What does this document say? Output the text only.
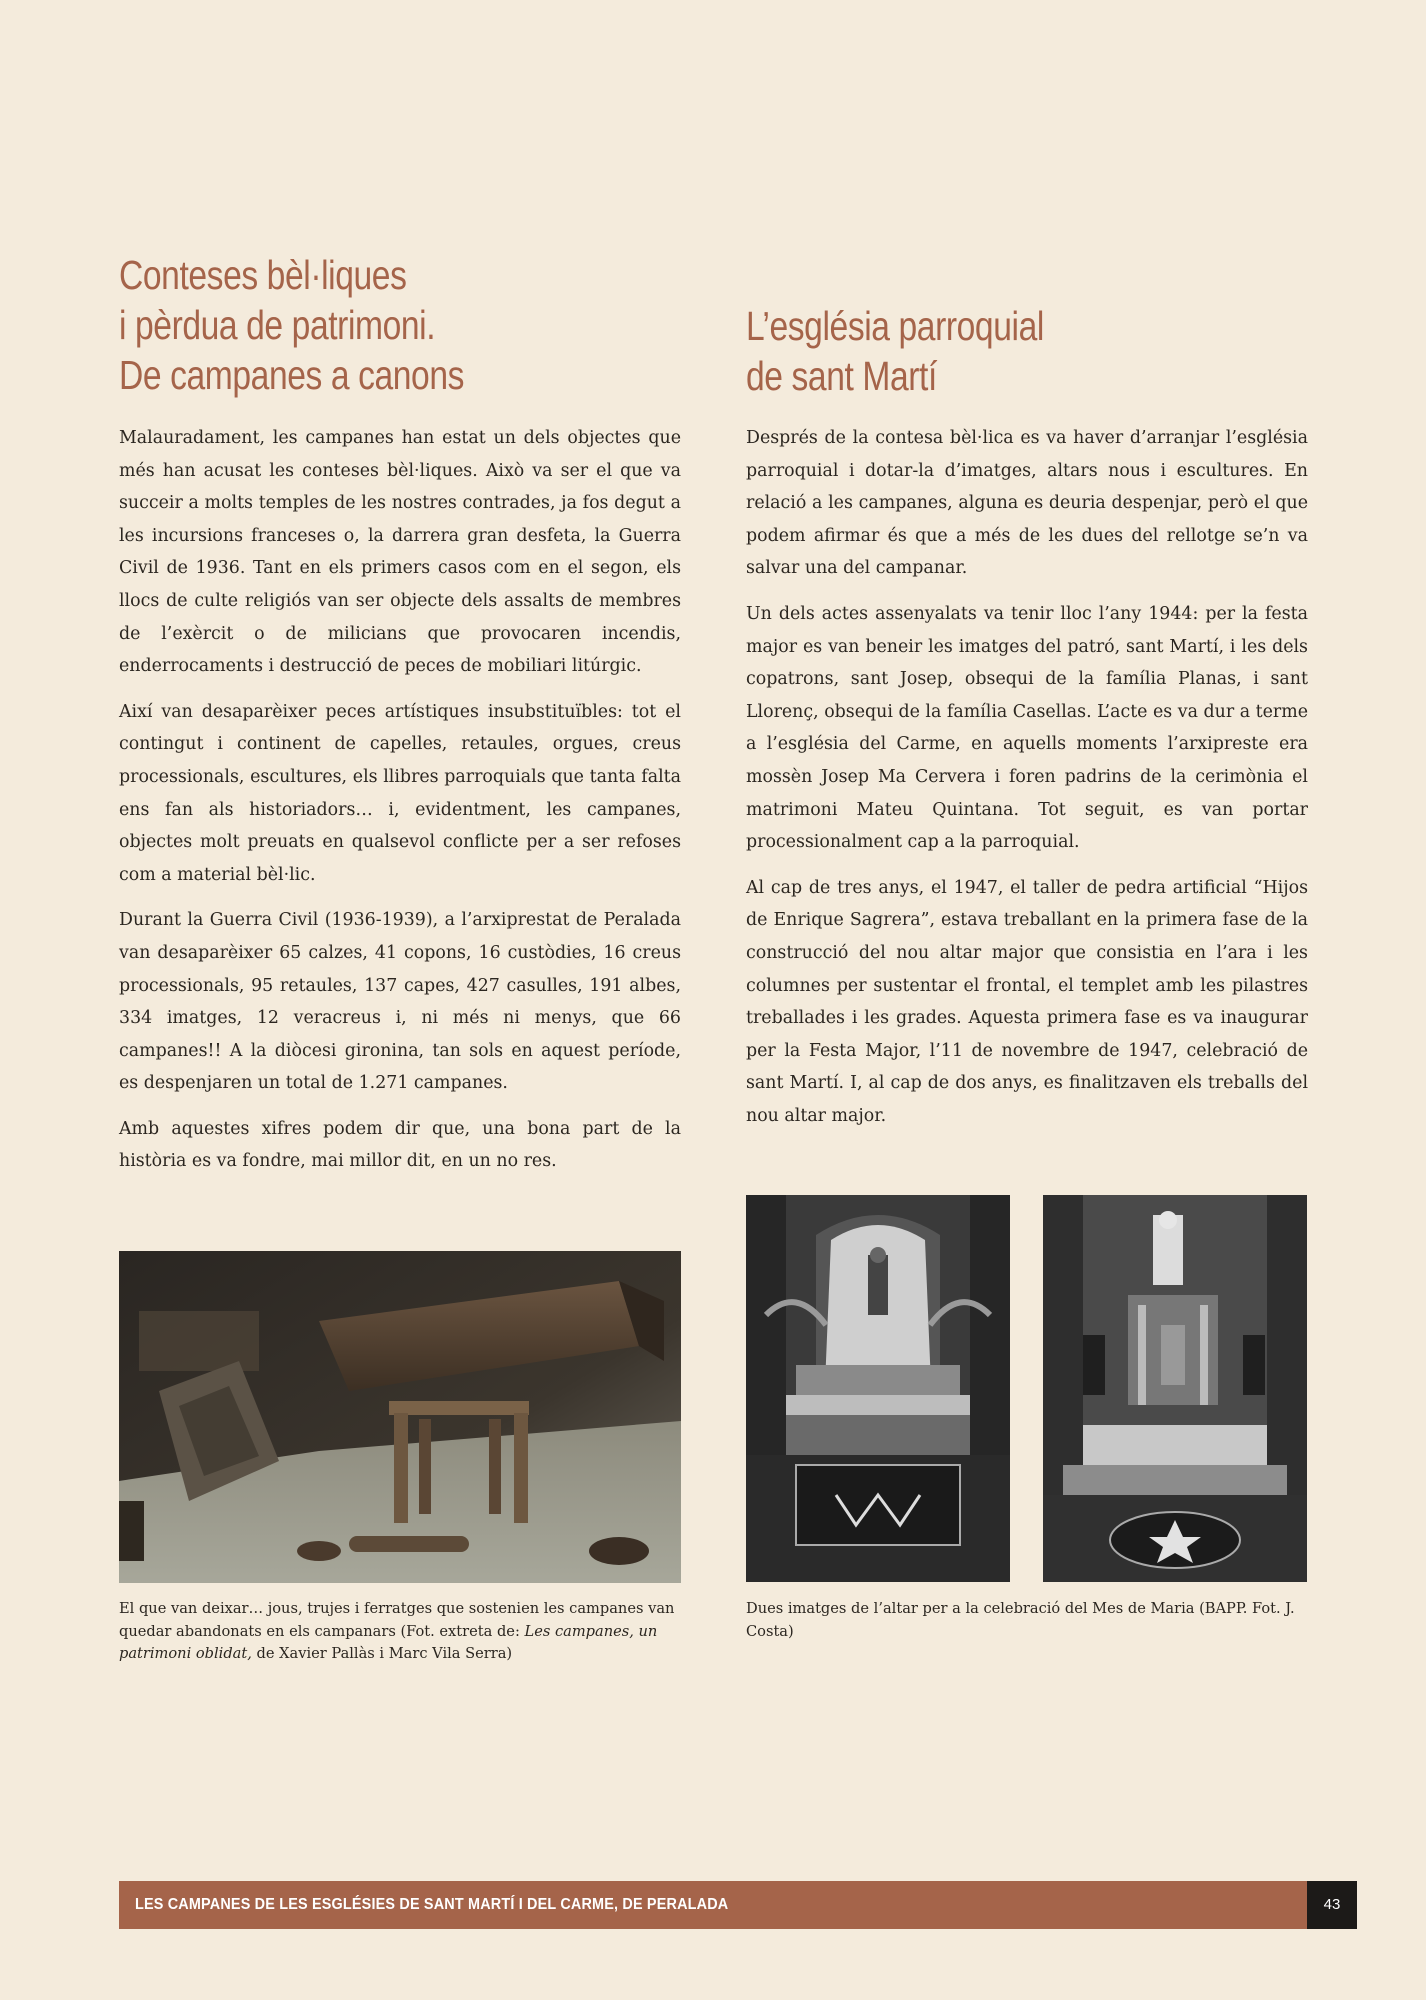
Conteses bèl·liques
i pèrdua de patrimoni.
De campanes a canons

Malauradament, les campanes han estat un dels objectes que més han acusat les conteses bèl·liques. Això va ser el que va succeir a molts temples de les nostres contrades, ja fos degut a les incursions franceses o, la darrera gran desfeta, la Guerra Civil de 1936. Tant en els primers casos com en el segon, els llocs de culte religiós van ser objecte dels assalts de membres de l’exèrcit o de milicians que provocaren incendis, enderrocaments i destrucció de peces de mobiliari litúrgic.

Així van desaparèixer peces artístiques insubstituïbles: tot el contingut i continent de capelles, retaules, orgues, creus processionals, escultures, els llibres parroquials que tanta falta ens fan als historiadors… i, evidentment, les campanes, objectes molt preuats en qualsevol conflicte per a ser refoses com a material bèl·lic.

Durant la Guerra Civil (1936-1939), a l’arxiprestat de Peralada van desaparèixer 65 calzes, 41 copons, 16 custòdies, 16 creus processionals, 95 retaules, 137 capes, 427 casulles, 191 albes, 334 imatges, 12 veracreus i, ni més ni menys, que 66 campanes!! A la diòcesi gironina, tan sols en aquest període, es despenjaren un total de 1.271 campanes.

Amb aquestes xifres podem dir que, una bona part de la història es va fondre, mai millor dit, en un no res.

El que van deixar… jous, trujes i ferratges que sostenien les campanes van quedar abandonats en els campanars (Fot. extreta de: Les campanes, un patrimoni oblidat, de Xavier Pallàs i Marc Vila Serra)

L’església parroquial
de sant Martí

Després de la contesa bèl·lica es va haver d’arranjar l’església parroquial i dotar-la d’imatges, altars nous i escultures. En relació a les campanes, alguna es deuria despenjar, però el que podem afirmar és que a més de les dues del rellotge se’n va salvar una del campanar.

Un dels actes assenyalats va tenir lloc l’any 1944: per la festa major es van beneir les imatges del patró, sant Martí, i les dels copatrons, sant Josep, obsequi de la família Planas, i sant Llorenç, obsequi de la família Casellas. L’acte es va dur a terme a l’església del Carme, en aquells moments l’arxipreste era mossèn Josep Ma Cervera i foren padrins de la cerimònia el matrimoni Mateu Quintana. Tot seguit, es van portar processionalment cap a la parroquial.

Al cap de tres anys, el 1947, el taller de pedra artificial “Hijos de Enrique Sagrera”, estava treballant en la primera fase de la construcció del nou altar major que consistia en l’ara i les columnes per sustentar el frontal, el templet amb les pilastres treballades i les grades. Aquesta primera fase es va inaugurar per la Festa Major, l’11 de novembre de 1947, celebració de sant Martí. I, al cap de dos anys, es finalitzaven els treballs del nou altar major.

Dues imatges de l’altar per a la celebració del Mes de Maria (BAPP. Fot. J. Costa)

LES CAMPANES DE LES ESGLÉSIES DE SANT MARTÍ I DEL CARME, DE PERALADA	43
